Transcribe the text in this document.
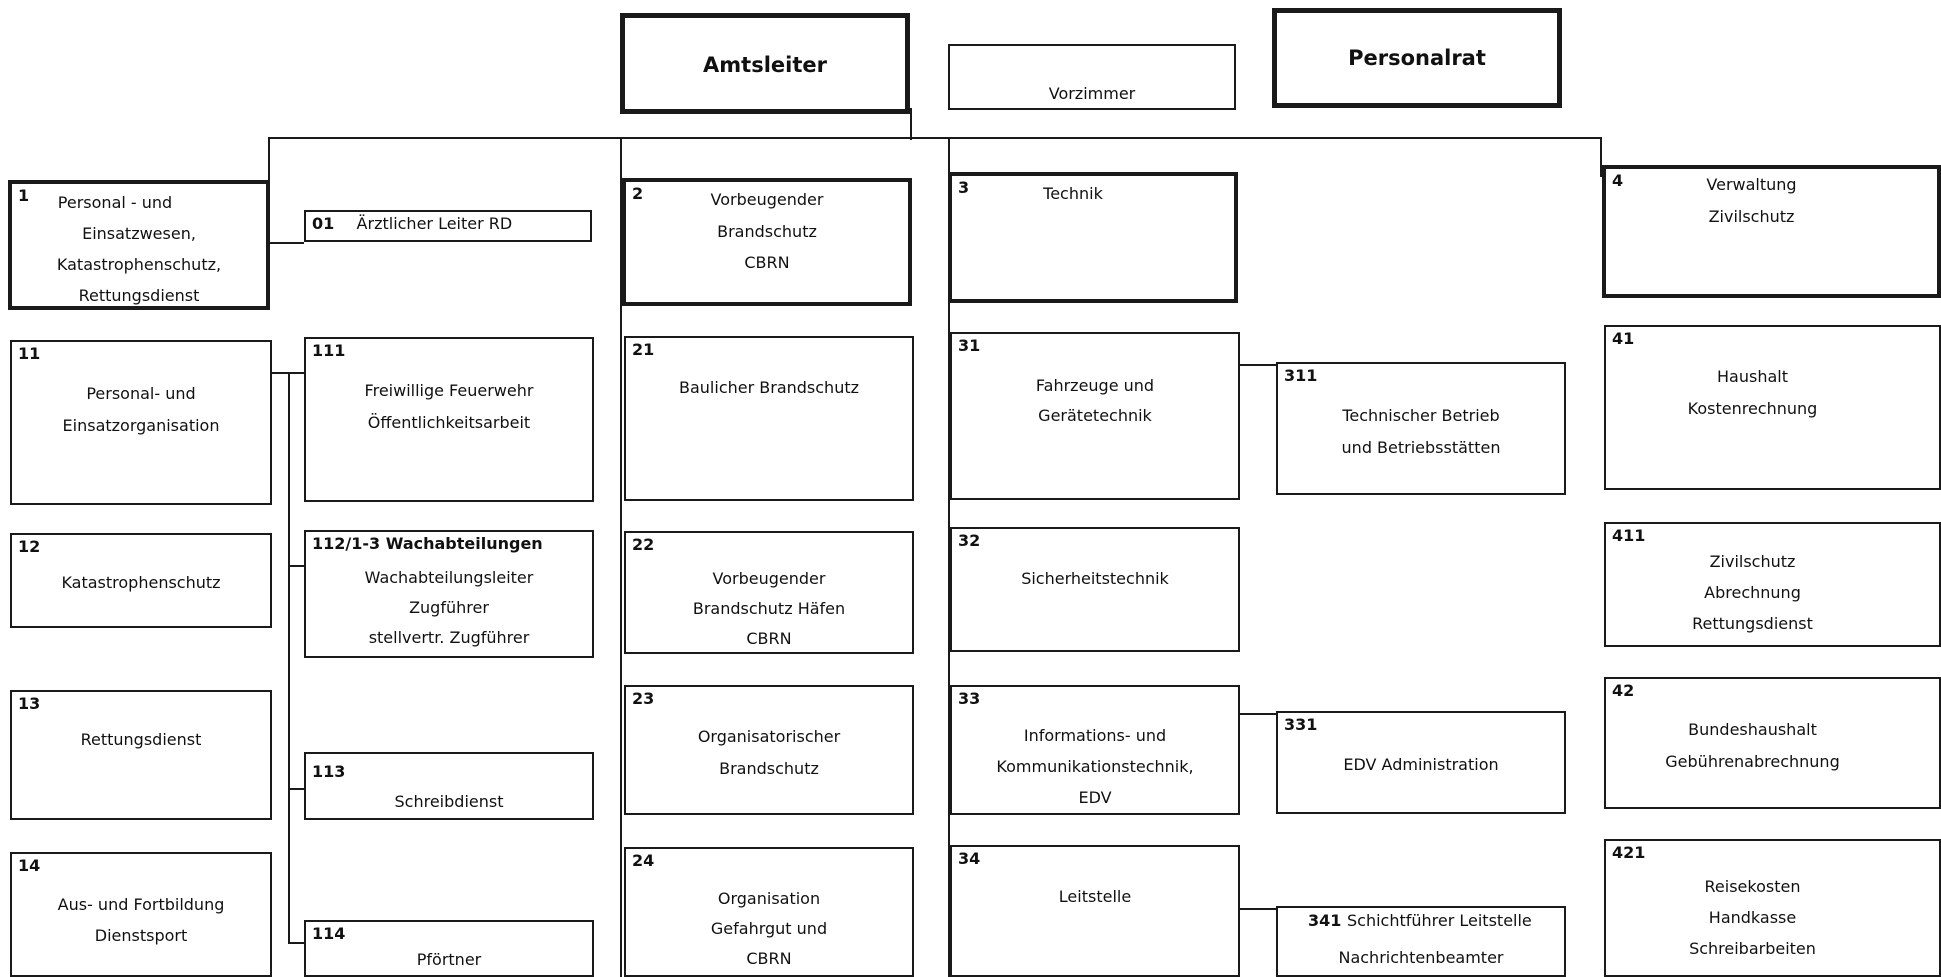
Amtsleiter
Vorzimmer
Personalrat
1	Personal - und
Einsatzwesen,
Katastrophenschutz,
Rettungsdienst
01 Ärztlicher Leiter RD
11
Personal- und
Einsatzorganisation
111
Freiwillige Feuerwehr
Öffentlichkeitsarbeit
12
Katastrophenschutz
112/1-3 Wachabteilungen
Wachabteilungsleiter
Zugführer
stellvertr. Zugführer
13
Rettungsdienst
113
Schreibdienst
14
Aus- und Fortbildung
Dienstsport	114
Pförtner
2	Vorbeugender
Brandschutz
CBRN
21
Baulicher Brandschutz
22
Vorbeugender
Brandschutz Häfen
CBRN
23
Organisatorischer
Brandschutz
24
Organisation
Gefahrgut und
CBRN
3	Technik
31
Fahrzeuge und
Gerätetechnik
311
Technischer Betrieb
und Betriebsstätten
32
Sicherheitstechnik
33
Informations- und
Kommunikationstechnik,
EDV
331
EDV Administration
34
Leitstelle
341 Schichtführer Leitstelle
Nachrichtenbeamter
4	Verwaltung
Zivilschutz
41
Haushalt
Kostenrechnung
411
Zivilschutz
Abrechnung
Rettungsdienst
42
Bundeshaushalt
Gebührenabrechnung
421
Reisekosten
Handkasse
Schreibarbeiten
